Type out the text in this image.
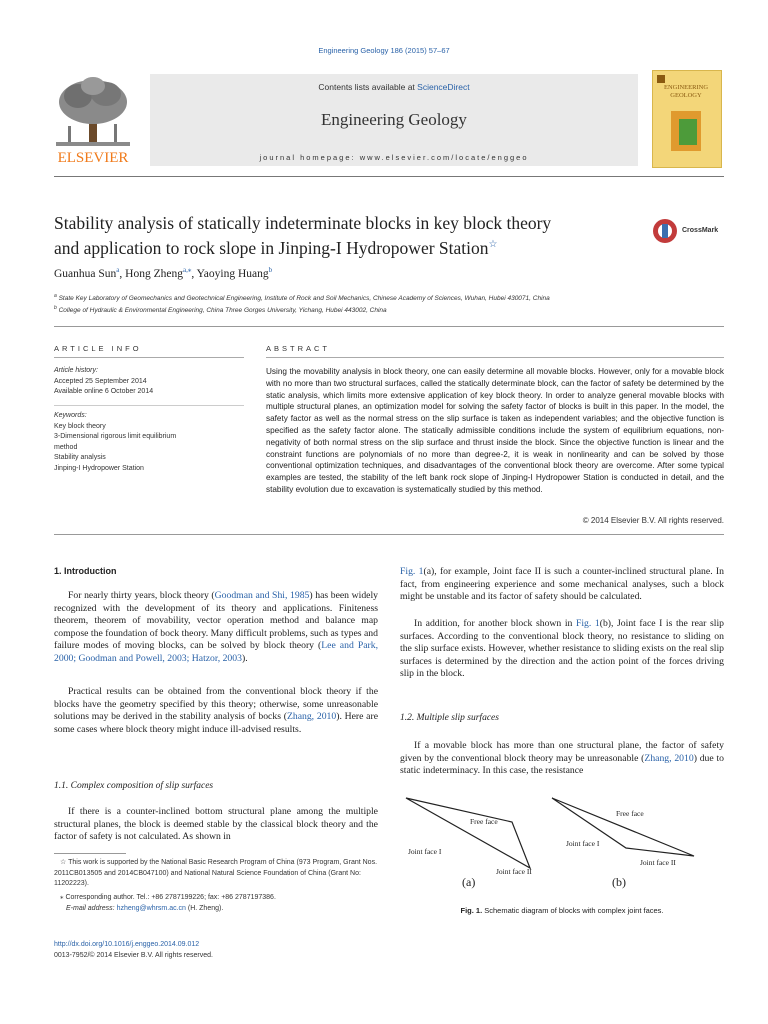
Engineering Geology 186 (2015) 57–67
ELSEVIER
Contents lists available at ScienceDirect
Engineering Geology
journal homepage: www.elsevier.com/locate/enggeo
ENGINEERING GEOLOGY
Stability analysis of statically indeterminate blocks in key block theory
and application to rock slope in Jinping-I Hydropower Station☆
CrossMark
Guanhua Sun$^a$, Hong Zheng$^{a,⁎}$, Yaoying Huang$^b$
$^a$ State Key Laboratory of Geomechanics and Geotechnical Engineering, Institute of Rock and Soil Mechanics, Chinese Academy of Sciences, Wuhan, Hubei 430071, China
$^b$ College of Hydraulic & Environmental Engineering, China Three Gorges University, Yichang, Hubei 443002, China
ARTICLE INFO
Article history:
Accepted 25 September 2014
Available online 6 October 2014
Keywords:
Key block theory
3-Dimensional rigorous limit equilibrium
method
Stability analysis
Jinping-I Hydropower Station
ABSTRACT
Using the movability analysis in block theory, one can easily determine all movable blocks. However, only for a movable block with no more than two structural surfaces, called the statically determinate block, can the factor of safety be determined by the static analysis, which limits more extensive application of key block theory. In order to analyze general movable blocks with multiple structural planes, an optimization model for solving the safety factor of blocks is built in this paper. In the model, the safety factor as well as the normal stress on the slip surface is taken as independent variables; and the objective function is specified as the safety factor alone. The statically admissible conditions include the system of equilibrium equations, non-negativity of both normal stress on the slip surface and thrust inside the block. Since the objective function is linear and the constraint functions are polynomials of no more than degree-2, it is weak in nonlinearity and can be solved by those conventional optimization techniques, and disadvantages of the conventional block theory are overcome. After some typical examples are tested, the stability of the left bank rock slope of Jinping-I Hydropower Station is conducted in detail, and the stability evolution due to excavation is systematically studied by this method.
© 2014 Elsevier B.V. All rights reserved.
1. Introduction
For nearly thirty years, block theory (Goodman and Shi, 1985) has been widely recognized with the development of its theory and applications. Finiteness theorem, theorem of movability, vector operation method and balance map compose the foundation of bock theory. Many difficult problems, such as types and failure modes of moving blocks, can be solved by block theory (Lee and Park, 2000; Goodman and Powell, 2003; Hatzor, 2003).
Practical results can be obtained from the conventional block theory if the blocks have the geometry specified by this theory; otherwise, some unreasonable solutions may be derived in the stability analysis of bocks (Zhang, 2010). Here are some cases where block theory might induce ill-advised results.
1.1. Complex composition of slip surfaces
If there is a counter-inclined bottom structural plane among the multiple structural planes, the block is deemed stable by the classical block theory and the factor of safety is not calculated. As shown in
☆ This work is supported by the National Basic Research Program of China (973 Program, Grant Nos. 2011CB013505 and 2014CB047100) and National Natural Science Foundation of China (Grant No: 11202223).
⁎ Corresponding author. Tel.: +86 2787199226; fax: +86 2787197386.
E-mail address: hzheng@whrsm.ac.cn (H. Zheng).
http://dx.doi.org/10.1016/j.enggeo.2014.09.012
0013-7952/© 2014 Elsevier B.V. All rights reserved.
Fig. 1(a), for example, Joint face II is such a counter-inclined structural plane. In fact, from engineering experience and some mechanical analyses, such a block might be unstable and its factor of safety should be calculated.
In addition, for another block shown in Fig. 1(b), Joint face I is the rear slip surfaces. According to the conventional block theory, no resistance to sliding on the slip surface exists. However, whether resistance to sliding exists on the real slip surfaces is determined by the direction and the action point of the forces driving slip in the block.
1.2. Multiple slip surfaces
If a movable block has more than one structural plane, the factor of safety given by the conventional block theory may be unreasonable (Zhang, 2010) due to static indeterminacy. In this case, the resistance
Free face
Joint face I
Joint face II
(a)
Free face
Joint face I
Joint face II
(b)
Fig. 1. Schematic diagram of blocks with complex joint faces.
